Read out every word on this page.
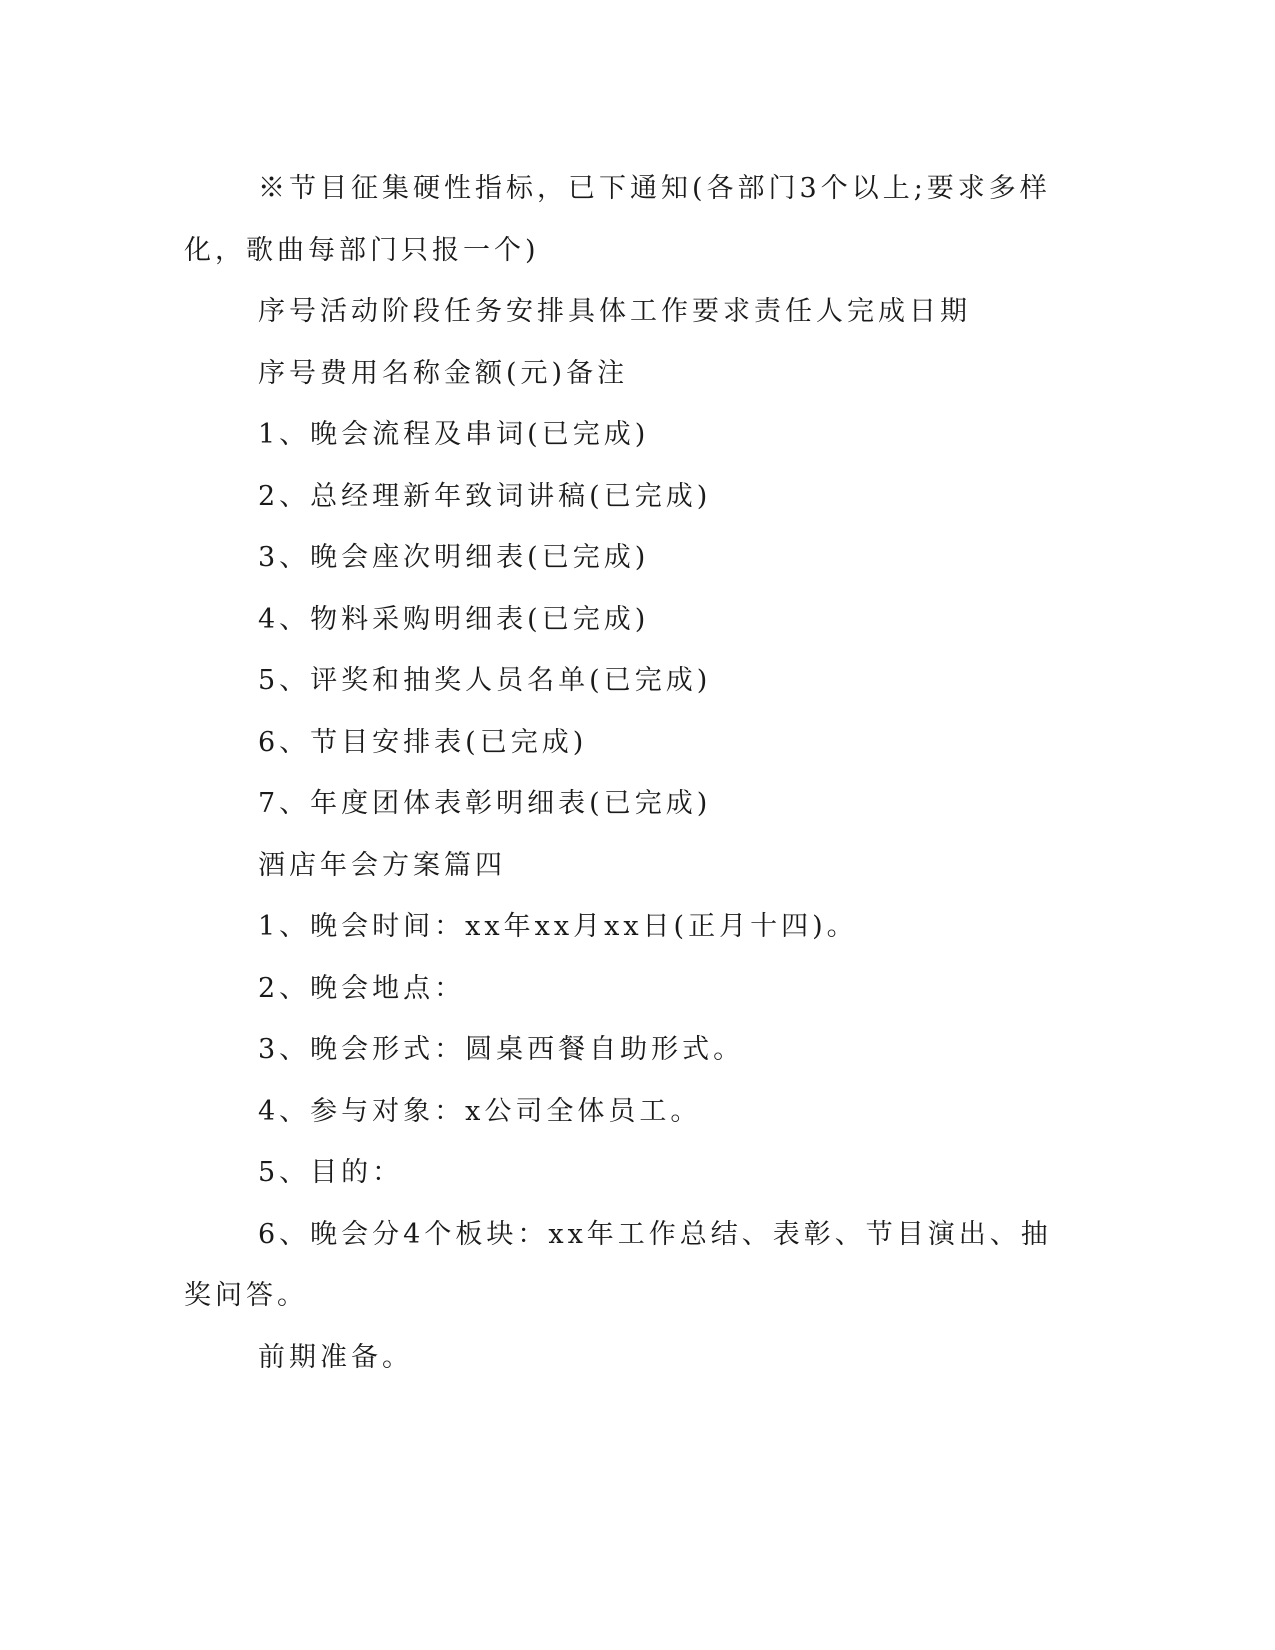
※节目征集硬性指标，已下通知(各部门3个以上;要求多样化，歌曲每部门只报一个)

序号活动阶段任务安排具体工作要求责任人完成日期

序号费用名称金额(元)备注

1、晚会流程及串词(已完成)

2、总经理新年致词讲稿(已完成)

3、晚会座次明细表(已完成)

4、物料采购明细表(已完成)

5、评奖和抽奖人员名单(已完成)

6、节目安排表(已完成)

7、年度团体表彰明细表(已完成)

酒店年会方案篇四

1、晚会时间：xx年xx月xx日(正月十四)。

2、晚会地点：

3、晚会形式：圆桌西餐自助形式。

4、参与对象：x公司全体员工。

5、目的：

6、晚会分4个板块：xx年工作总结、表彰、节目演出、抽奖问答。

前期准备。
